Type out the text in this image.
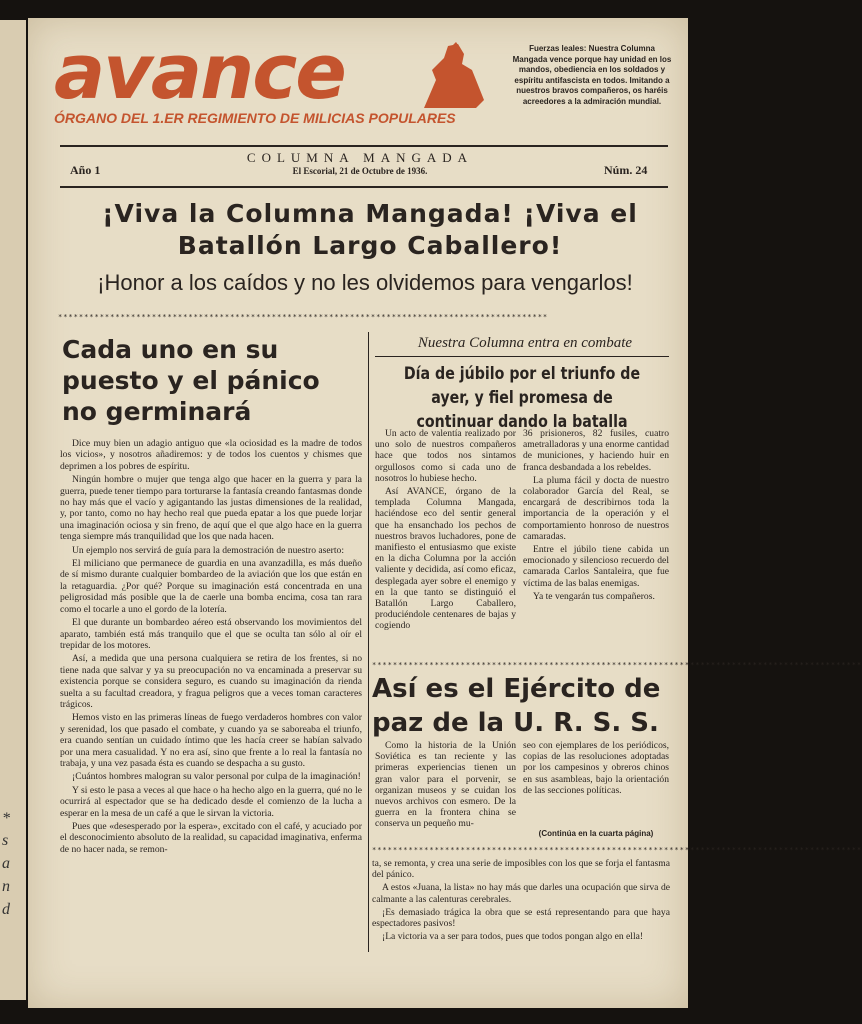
*
s
a
n
d
avance
ÓRGANO DEL 1.ER REGIMIENTO DE MILICIAS POPULARES
Fuerzas leales: Nuestra Columna Mangada vence porque hay unidad en los mandos, obediencia en los soldados y espíritu antifascista en todos. Imitando a nuestros bravos compañeros, os haréis acreedores a la admiración mundial.
Año 1
COLUMNA MANGADA
El Escorial, 21 de Octubre de 1936.	Núm. 24
¡Viva la Columna Mangada! ¡Viva el Batallón Largo Caballero!
¡Honor a los caídos y no les olvidemos para vengarlos!
**********************************************************************************************
Cada uno en su puesto y el pánico no germinará

Dice muy bien un adagio antiguo que «la ociosidad es la madre de todos los vicios», y nosotros añadiremos: y de todos los cuentos y chismes que deprimen a los pobres de espíritu.

Ningún hombre o mujer que tenga algo que hacer en la guerra y para la guerra, puede tener tiempo para torturarse la fantasía creando fantasmas donde no hay más que el vacío y agigantando las justas dimensiones de la realidad, y, por tanto, como no hay hecho real que pueda epatar a los que puede lorjar una imaginación ociosa y sin freno, de aquí que el que algo hace en la guerra tenga siempre más tranquilidad que los que nada hacen.

Un ejemplo nos servirá de guía para la demostración de nuestro aserto:

El miliciano que permanece de guardia en una avanzadilla, es más dueño de sí mismo durante cualquier bombardeo de la aviación que los que están en la retaguardia. ¿Por qué? Porque su imaginación está concentrada en una peligrosidad más posible que la de caerle una bomba encima, cosa tan rara como el tocarle a uno el gordo de la lotería.

El que durante un bombardeo aéreo está observando los movimientos del aparato, también está más tranquilo que el que se oculta tan sólo al oír el trepidar de los motores.

Así, a medida que una persona cualquiera se retira de los frentes, si no tiene nada que salvar y ya su preocupación no va encaminada a preservar su existencia porque se considera seguro, es cuando su imaginación da rienda suelta a su facultad creadora, y fragua peligros que a veces toman caracteres trágicos.

Hemos visto en las primeras líneas de fuego verdaderos hombres con valor y serenidad, los que pasado el combate, y cuando ya se saboreaba el triunfo, era cuando sentían un cuidado íntimo que les hacía creer se habían salvado por una mera casualidad. Y no era así, sino que frente a lo real la fantasía no trabaja, y una vez pasada ésta es cuando se despacha a su gusto.

¡Cuántos hombres malogran su valor personal por culpa de la imaginación!

Y si esto le pasa a veces al que hace o ha hecho algo en la guerra, qué no le ocurrirá al espectador que se ha dedicado desde el comienzo de la lucha a esperar en la mesa de un café a que le sirvan la victoria.

Pues que «desesperado por la espera», excitado con el café, y acuciado por el desconocimiento absoluto de la realidad, su capacidad imaginativa, enferma de no hacer nada, se remon-

Nuestra Columna entra en combate
Día de júbilo por el triunfo de ayer, y fiel promesa de continuar dando la batalla

Un acto de valentía realizado por uno solo de nuestros compañeros hace que todos nos sintamos orgullosos como si cada uno de nosotros lo hubiese hecho.

Así AVANCE, órgano de la templada Columna Mangada, haciéndose eco del sentir general que ha ensanchado los pechos de nuestros bravos luchadores, pone de manifiesto el entusiasmo que existe en la dicha Columna por la acción valiente y decidida, así como eficaz, desplegada ayer sobre el enemigo y en la que tanto se distinguió el Batallón Largo Caballero, produciéndole centenares de bajas y cogiendo

36 prisioneros, 82 fusiles, cuatro ametralladoras y una enorme cantidad de municiones, y haciendo huir en franca desbandada a los rebeldes.

La pluma fácil y docta de nuestro colaborador García del Real, se encargará de describirnos toda la importancia de la operación y el comportamiento honroso de nuestros camaradas.

Entre el júbilo tiene cabida un emocionado y silencioso recuerdo del camarada Carlos Santaleira, que fue víctima de las balas enemigas.

Ya te vengarán tus compañeros.

**********************************************************************************************
Así es el Ejército de paz de la U. R. S. S.

Como la historia de la Unión Soviética es tan reciente y las primeras experiencias tienen un gran valor para el porvenir, se organizan museos y se cuidan los nuevos archivos con esmero. De la guerra en la frontera china se conserva un pequeño mu-

seo con ejemplares de los periódicos, copias de las resoluciones adoptadas por los campesinos y obreros chinos en sus asambleas, bajo la orientación de las secciones políticas.

(Continúa en la cuarta página)
**********************************************************************************************

ta, se remonta, y crea una serie de imposibles con los que se forja el fantasma del pánico.

A estos «Juana, la lista» no hay más que darles una ocupación que sirva de calmante a las calenturas cerebrales.

¡Es demasiado trágica la obra que se está representando para que haya espectadores pasivos!

¡La victoria va a ser para todos, pues que todos pongan algo en ella!
